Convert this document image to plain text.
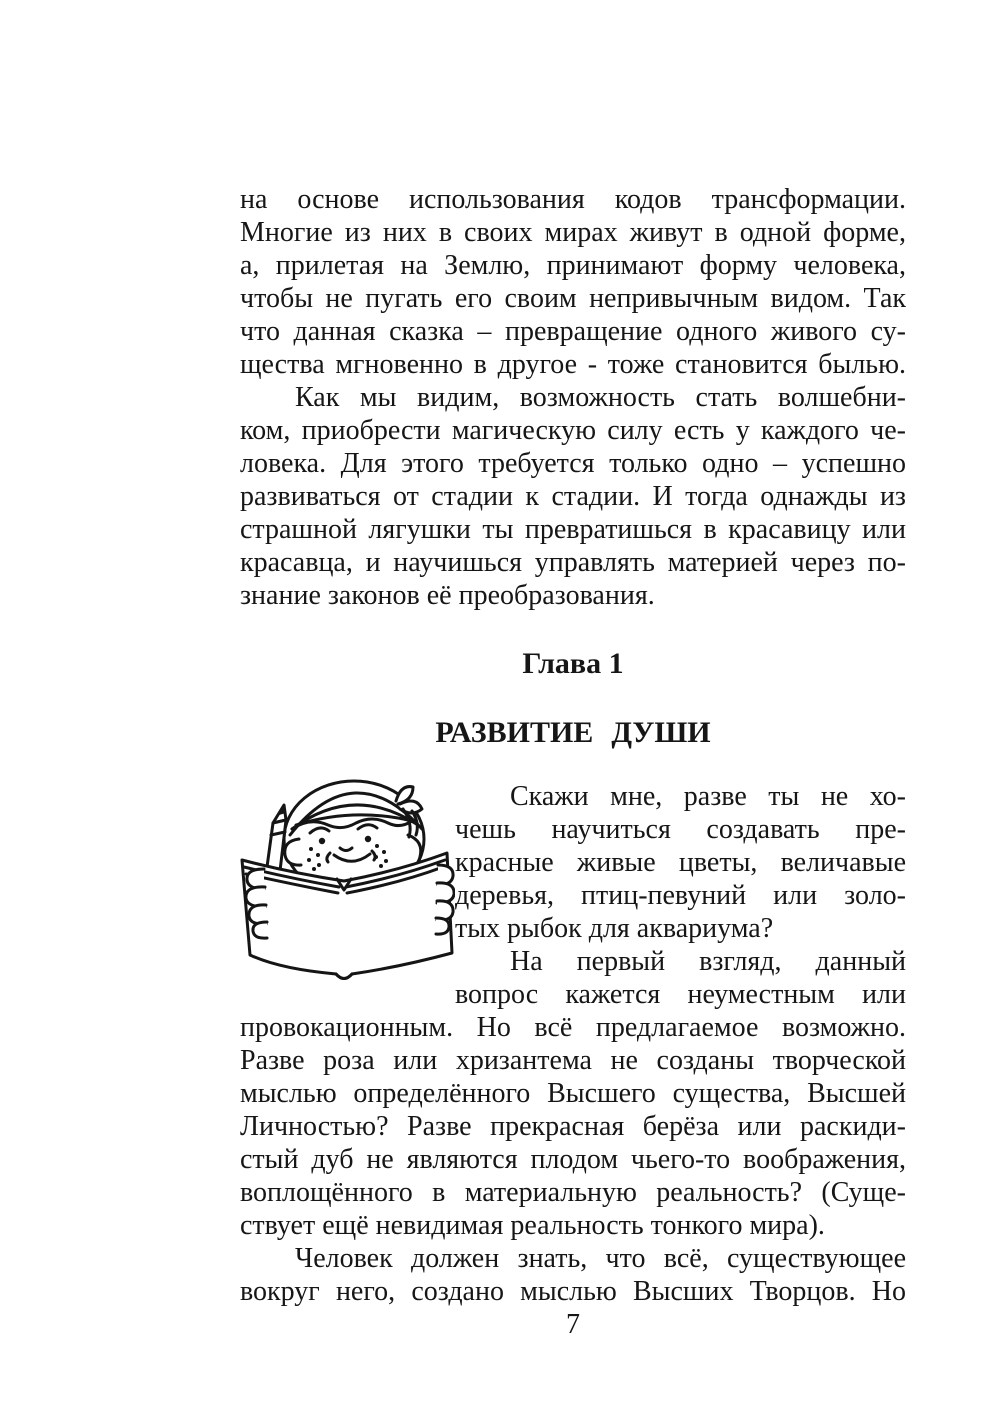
на основе использования кодов трансформации.
Многие из них в своих мирах живут в одной форме,
а, прилетая на Землю, принимают форму человека,
чтобы не пугать его своим непривычным видом. Так
что данная сказка – превращение одного живого су-
щества мгновенно в другое - тоже становится былью.
Как мы видим, возможность стать волшебни-
ком, приобрести магическую силу есть у каждого че-
ловека. Для этого требуется только одно – успешно
развиваться от стадии к стадии. И тогда однажды из
страшной лягушки ты превратишься в красавицу или
красавца, и научишься управлять материей через по-
знание законов её преобразования.
Глава 1
РАЗВИТИЕ ДУШИ
Скажи мне, разве ты не хо-
чешь научиться создавать пре-
красные живые цветы, величавые
деревья, птиц-певуний или золо-
тых рыбок для аквариума?
На первый взгляд, данный
вопрос кажется неуместным или
провокационным. Но всё предлагаемое возможно.
Разве роза или хризантема не созданы творческой
мыслью определённого Высшего существа, Высшей
Личностью? Разве прекрасная берёза или раскиди-
стый дуб не являются плодом чьего-то воображения,
воплощённого в материальную реальность? (Суще-
ствует ещё невидимая реальность тонкого мира).
Человек должен знать, что всё, существующее
вокруг него, создано мыслью Высших Творцов. Но
7
